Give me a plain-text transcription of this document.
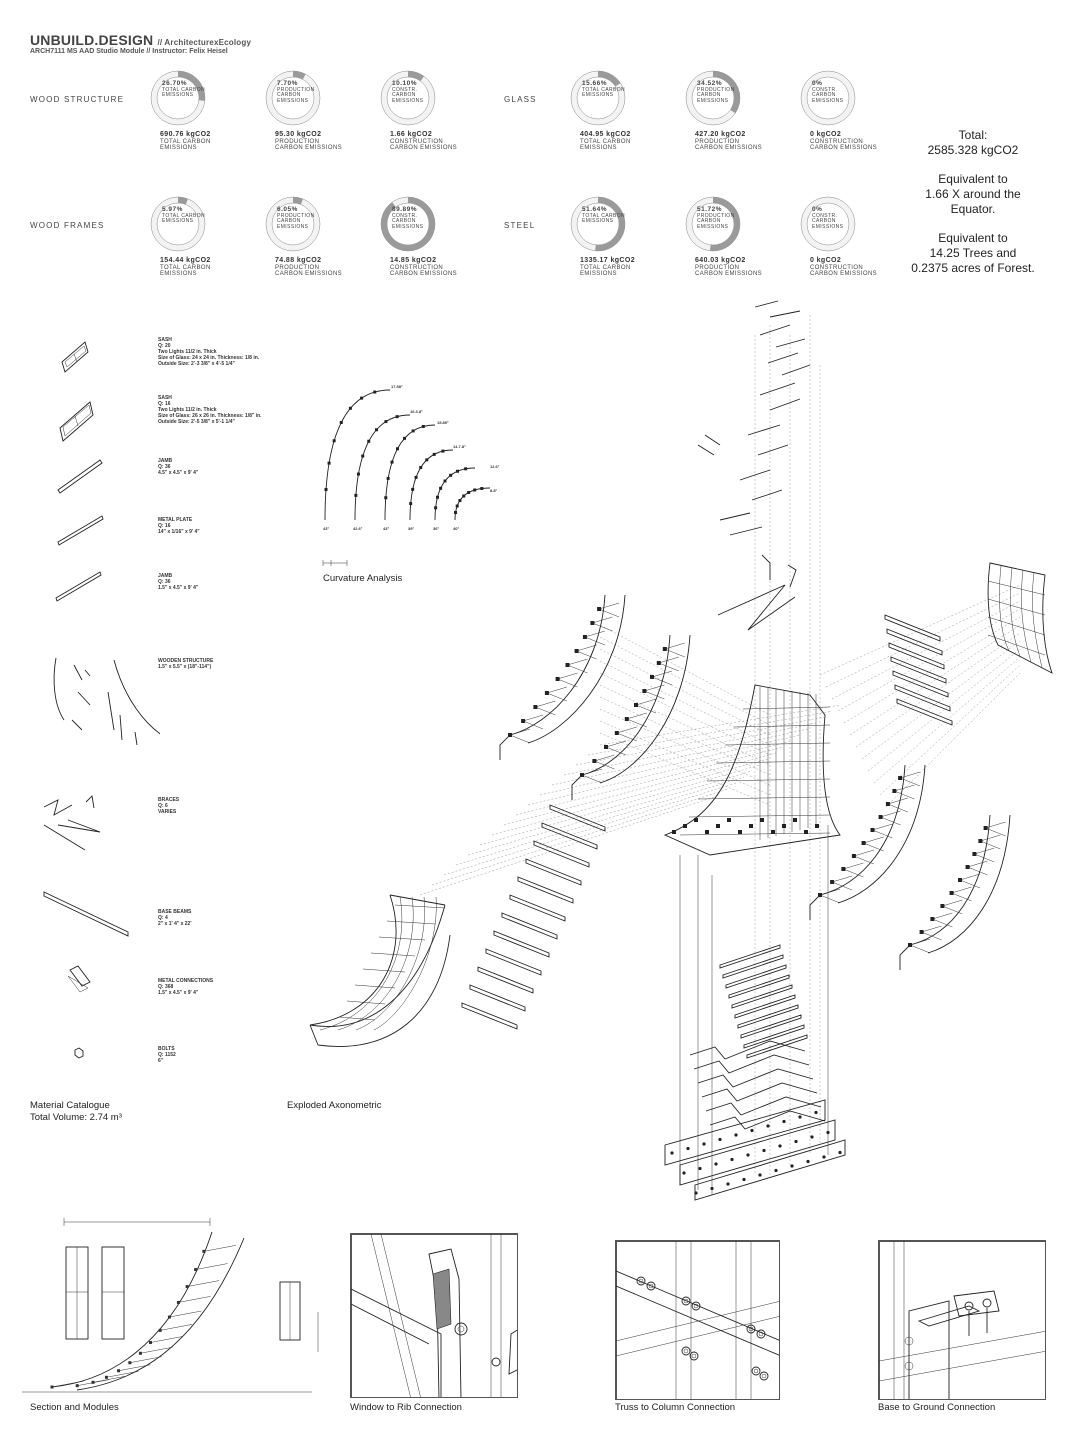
UNBUILD.DESIGN // ArchitecturexEcology
ARCH7111 MS AAD Studio Module // Instructor: Felix Heisel
WOOD STRUCTURE	GLASS
WOOD FRAMES	STEEL
26.70%
TOTAL CARBON EMISSIONS
690.76 kgCO2
TOTAL CARBON EMISSIONS
7.70%
PRODUCTION CARBON EMISSIONS
95.30 kgCO2
PRODUCTION CARBON EMISSIONS
10.10%
CONSTR. CARBON EMISSIONS
1.66 kgCO2
CONSTRUCTION CARBON EMISSIONS
15.66%
TOTAL CARBON EMISSIONS
404.95 kgCO2
TOTAL CARBON EMISSIONS
34.52%
PRODUCTION CARBON EMISSIONS
427.20 kgCO2
PRODUCTION CARBON EMISSIONS
0%
CONSTR. CARBON EMISSIONS
0 kgCO2
CONSTRUCTION CARBON EMISSIONS
5.97%
TOTAL CARBON EMISSIONS
154.44 kgCO2
TOTAL CARBON EMISSIONS
6.05%
PRODUCTION CARBON EMISSIONS
74.88 kgCO2
PRODUCTION CARBON EMISSIONS
89.89%
CONSTR. CARBON EMISSIONS
14.85 kgCO2
CONSTRUCTION CARBON EMISSIONS
51.64%
TOTAL CARBON EMISSIONS
1335.17 kgCO2
TOTAL CARBON EMISSIONS
51.72%
PRODUCTION CARBON EMISSIONS
640.03 kgCO2
PRODUCTION CARBON EMISSIONS
0%
CONSTR. CARBON EMISSIONS
0 kgCO2
CONSTRUCTION CARBON EMISSIONS

Total:
2585.328 kgCO2

Equivalent to
1.66 X around the
Equator.

Equivalent to
14.25 Trees and
0.2375 acres of Forest.

SASH
Q: 20
Two Lights 11/2 in. Thick
Size of Glass: 24 x 24 in. Thickness: 1/8 in.
Outside Size: 2'-3 3/8" x 4'-5 1/4"
SASH
Q: 16
Two Lights 11/2 in. Thick
Size of Glass: 26 x 26 in. Thickness: 1/8" in.
Outside Size: 2'-5 3/8" x 5'-1 1/4"
JAMB
Q: 36
4.5" x 4.5" x 9' 4"
METAL PLATE
Q: 16
14" x 1/16" x 9' 4"
JAMB
Q: 36
1.5" x 4.5" x 9' 4"
WOODEN STRUCTURE
1.5" x 5.5" x (18"-114")
BRACES
Q: 6
VARIES
BASE BEAMS
Q: 4
2" x 1' 4" x 22'
METAL CONNECTIONS
Q: 368
1.5" x 4.5" x 9' 4"
BOLTS
Q: 1152
6"
Material Catalogue
Total Volume: 2.74 m³
17.58°
43°
16.3.8°
42.6°
15.89°
43°
14.7.8°
39°
12.6°
36°
8.8°
40°
Curvature Analysis
Exploded Axonometric
Section and Modules	Window to Rib Connection	Truss to Column Connection	Base to Ground Connection
